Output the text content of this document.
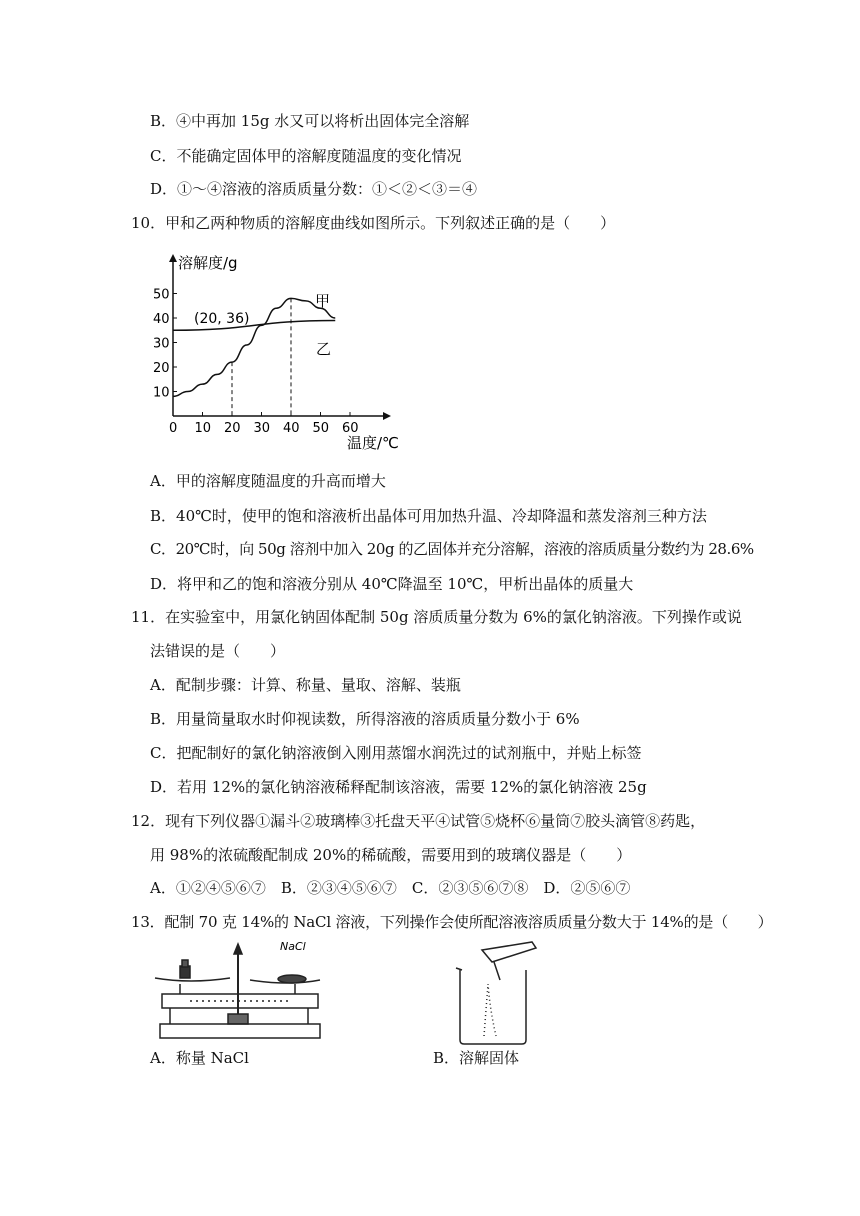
B．④中再加 15g 水又可以将析出固体完全溶解
C．不能确定固体甲的溶解度随温度的变化情况
D．①～④溶液的溶质质量分数：①＜②＜③＝④
10．甲和乙两种物质的溶解度曲线如图所示。下列叙述正确的是（　　）
0 10 20 30 40 50 60
10
20
30
40
50
溶解度/g
温度/℃
(20, 36)
甲
乙
A．甲的溶解度随温度的升高而增大
B．40℃时，使甲的饱和溶液析出晶体可用加热升温、冷却降温和蒸发溶剂三种方法
C．20℃时，向 50g 溶剂中加入 20g 的乙固体并充分溶解，溶液的溶质质量分数约为 28.6%
D．将甲和乙的饱和溶液分别从 40℃降温至 10℃，甲析出晶体的质量大
11．在实验室中，用氯化钠固体配制 50g 溶质质量分数为 6%的氯化钠溶液。下列操作或说
法错误的是（　　）
A．配制步骤：计算、称量、量取、溶解、装瓶
B．用量筒量取水时仰视读数，所得溶液的溶质质量分数小于 6%
C．把配制好的氯化钠溶液倒入刚用蒸馏水润洗过的试剂瓶中，并贴上标签
D．若用 12%的氯化钠溶液稀释配制该溶液，需要 12%的氯化钠溶液 25g
12．现有下列仪器①漏斗②玻璃棒③托盘天平④试管⑤烧杯⑥量筒⑦胶头滴管⑧药匙，
用 98%的浓硫酸配制成 20%的稀硫酸，需要用到的玻璃仪器是（　　）
A．①②④⑤⑥⑦　B．②③④⑤⑥⑦　C．②③⑤⑥⑦⑧　D．②⑤⑥⑦
13．配制 70 克 14%的 NaCl 溶液，下列操作会使所配溶液溶质质量分数大于 14%的是（　　）
NaCl
A．称量 NaCl	B．溶解固体
